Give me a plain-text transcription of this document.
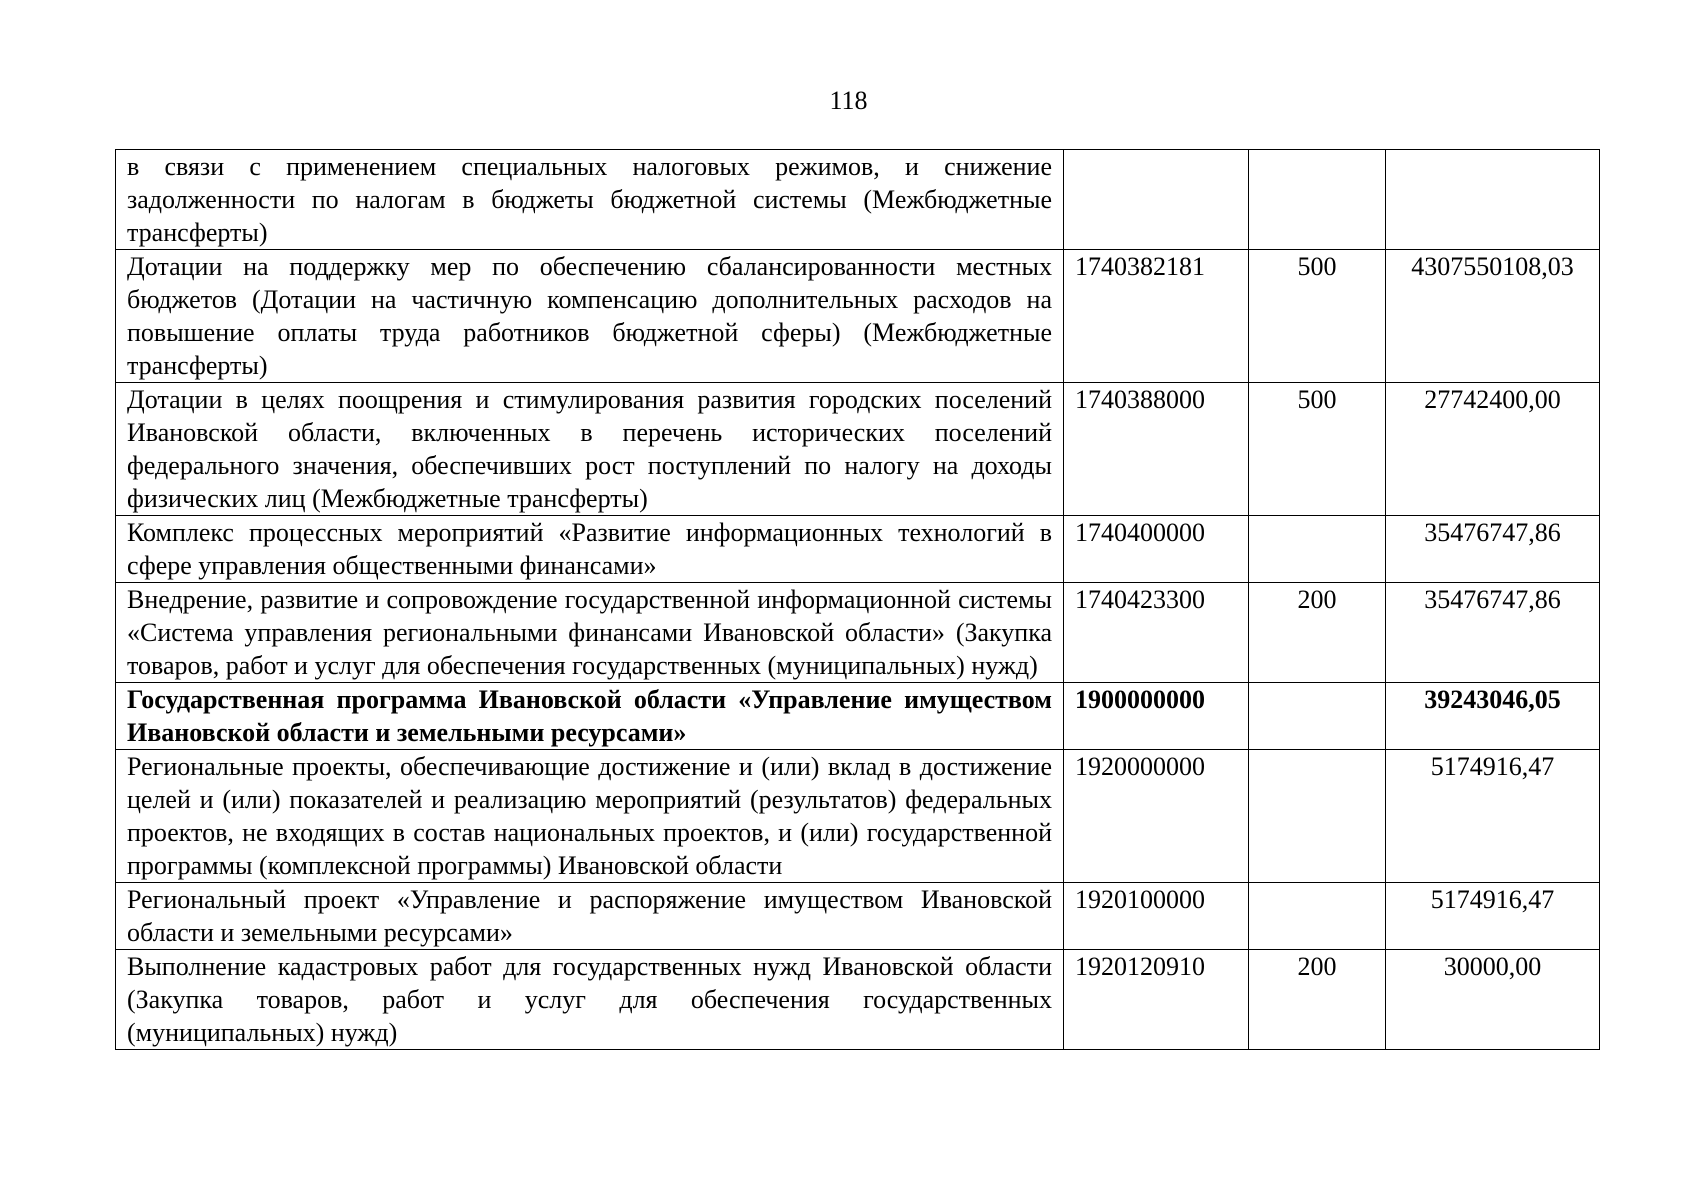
118
в связи с применением специальных налоговых режимов, и снижение задолженности по налогам в бюджеты бюджетной системы (Межбюджетные трансферты)			
Дотации на поддержку мер по обеспечению сбалансированности местных бюджетов (Дотации на частичную компенсацию дополнительных расходов на повышение оплаты труда работников бюджетной сферы) (Межбюджетные трансферты)	1740382181	500	4307550108,03
Дотации в целях поощрения и стимулирования развития городских поселений Ивановской области, включенных в перечень исторических поселений федерального значения, обеспечивших рост поступлений по налогу на доходы физических лиц (Межбюджетные трансферты)	1740388000	500	27742400,00
Комплекс процессных мероприятий «Развитие информационных технологий в сфере управления общественными финансами»	1740400000		35476747,86
Внедрение, развитие и сопровождение государственной информационной системы «Система управления региональными финансами Ивановской области» (Закупка товаров, работ и услуг для обеспечения государственных (муниципальных) нужд)	1740423300	200	35476747,86
Государственная программа Ивановской области «Управление имуществом Ивановской области и земельными ресурсами»	1900000000		39243046,05
Региональные проекты, обеспечивающие достижение и (или) вклад в достижение целей и (или) показателей и реализацию мероприятий (результатов) федеральных проектов, не входящих в состав национальных проектов, и (или) государственной программы (комплексной программы) Ивановской области	1920000000		5174916,47
Региональный проект «Управление и распоряжение имуществом Ивановской области и земельными ресурсами»	1920100000		5174916,47
Выполнение кадастровых работ для государственных нужд Ивановской области (Закупка товаров, работ и услуг для обеспечения государственных (муниципальных) нужд)	1920120910	200	30000,00
